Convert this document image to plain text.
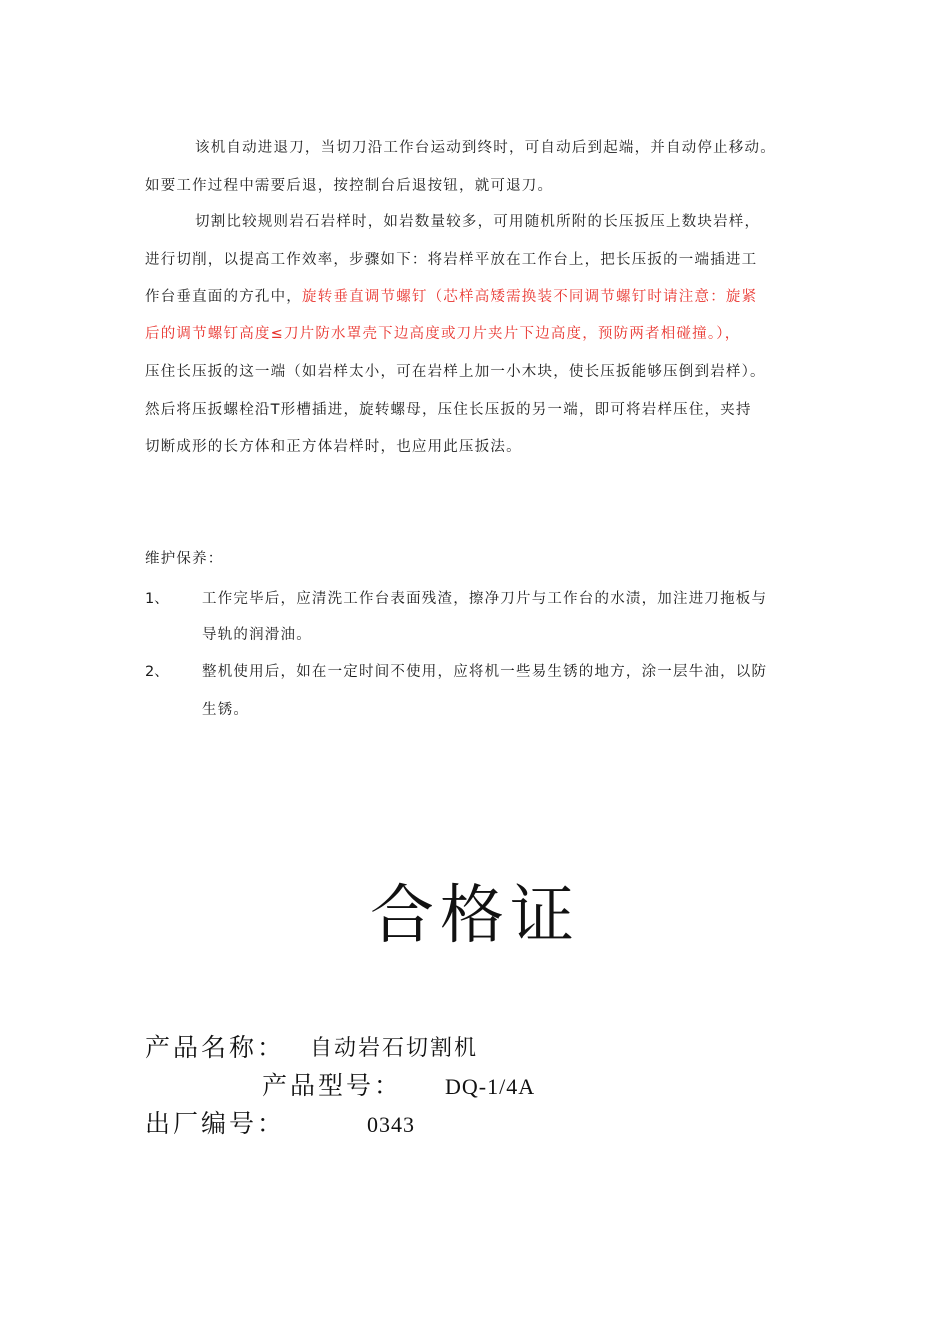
该机自动进退刀，当切刀沿工作台运动到终时，可自动后到起端，并自动停止移动。
如要工作过程中需要后退，按控制台后退按钮，就可退刀。
切割比较规则岩石岩样时，如岩数量较多，可用随机所附的长压扳压上数块岩样，
进行切削，以提高工作效率，步骤如下：将岩样平放在工作台上，把长压扳的一端插进工
作台垂直面的方孔中，旋转垂直调节螺钉（芯样高矮需换装不同调节螺钉时请注意：旋紧
后的调节螺钉高度≤刀片防水罩壳下边高度或刀片夹片下边高度，预防两者相碰撞。），
压住长压扳的这一端（如岩样太小，可在岩样上加一小木块，使长压扳能够压倒到岩样）。
然后将压扳螺栓沿T形槽插进，旋转螺母，压住长压扳的另一端，即可将岩样压住，夹持
切断成形的长方体和正方体岩样时，也应用此压扳法。
维护保养：
1、 工作完毕后，应清洗工作台表面残渣，擦净刀片与工作台的水渍，加注进刀拖板与
导轨的润滑油。
2、 整机使用后，如在一定时间不使用，应将机一些易生锈的地方，涂一层牛油，以防
生锈。
合格证
产品名称： 自动岩石切割机
产品型号： DQ-1/4A
出厂编号：	0343
